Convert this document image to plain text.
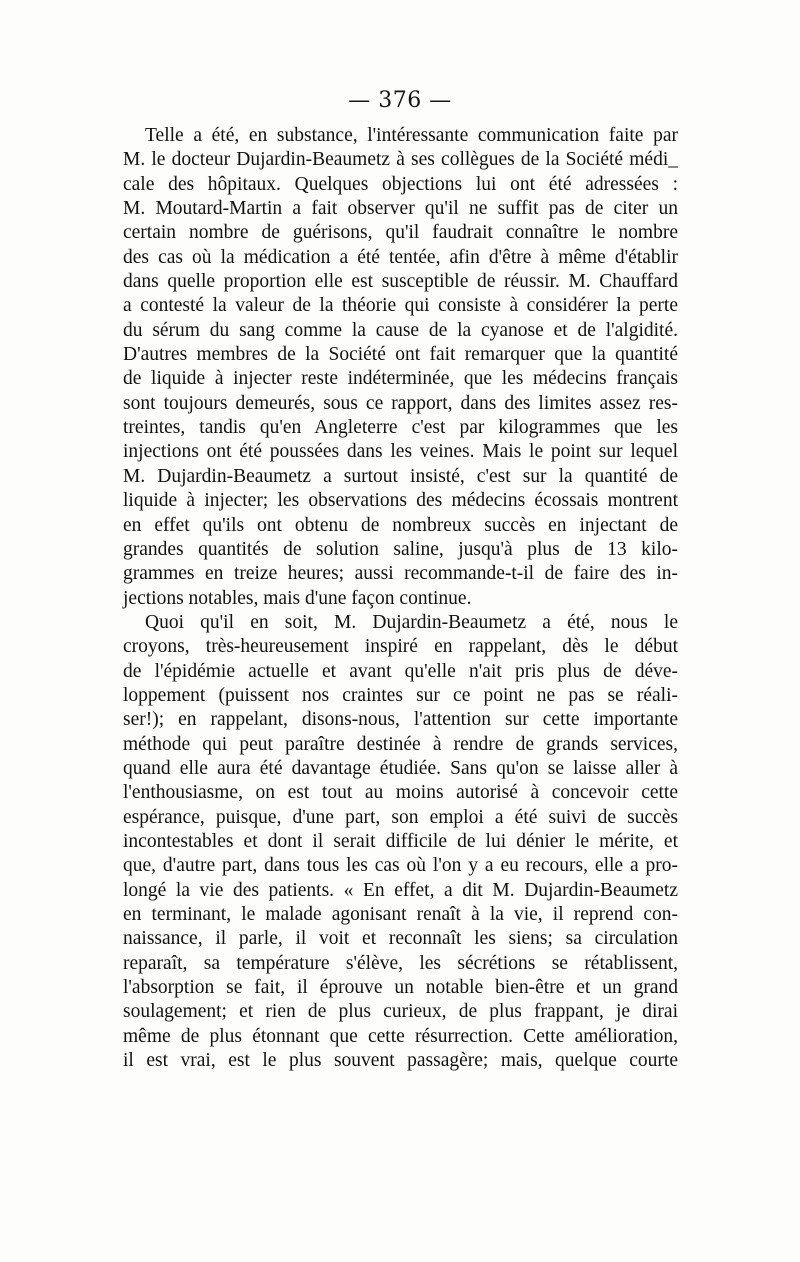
— 376 —
Telle a été, en substance, l'intéressante communication faite par
M. le docteur Dujardin-Beaumetz à ses collègues de la Société médi_
cale des hôpitaux. Quelques objections lui ont été adressées :
M. Moutard-Martin a fait observer qu'il ne suffit pas de citer un
certain nombre de guérisons, qu'il faudrait connaître le nombre
des cas où la médication a été tentée, afin d'être à même d'établir
dans quelle proportion elle est susceptible de réussir. M. Chauffard
a contesté la valeur de la théorie qui consiste à considérer la perte
du sérum du sang comme la cause de la cyanose et de l'algidité.
D'autres membres de la Société ont fait remarquer que la quantité
de liquide à injecter reste indéterminée, que les médecins français
sont toujours demeurés, sous ce rapport, dans des limites assez res-
treintes, tandis qu'en Angleterre c'est par kilogrammes que les
injections ont été poussées dans les veines. Mais le point sur lequel
M. Dujardin-Beaumetz a surtout insisté, c'est sur la quantité de
liquide à injecter; les observations des médecins écossais montrent
en effet qu'ils ont obtenu de nombreux succès en injectant de
grandes quantités de solution saline, jusqu'à plus de 13 kilo-
grammes en treize heures; aussi recommande-t-il de faire des in-
jections notables, mais d'une façon continue.
Quoi qu'il en soit, M. Dujardin-Beaumetz a été, nous le
croyons, très-heureusement inspiré en rappelant, dès le début
de l'épidémie actuelle et avant qu'elle n'ait pris plus de déve-
loppement (puissent nos craintes sur ce point ne pas se réali-
ser!); en rappelant, disons-nous, l'attention sur cette importante
méthode qui peut paraître destinée à rendre de grands services,
quand elle aura été davantage étudiée. Sans qu'on se laisse aller à
l'enthousiasme, on est tout au moins autorisé à concevoir cette
espérance, puisque, d'une part, son emploi a été suivi de succès
incontestables et dont il serait difficile de lui dénier le mérite, et
que, d'autre part, dans tous les cas où l'on y a eu recours, elle a pro-
longé la vie des patients. « En effet, a dit M. Dujardin-Beaumetz
en terminant, le malade agonisant renaît à la vie, il reprend con-
naissance, il parle, il voit et reconnaît les siens; sa circulation
reparaît, sa température s'élève, les sécrétions se rétablissent,
l'absorption se fait, il éprouve un notable bien-être et un grand
soulagement; et rien de plus curieux, de plus frappant, je dirai
même de plus étonnant que cette résurrection. Cette amélioration,
il est vrai, est le plus souvent passagère; mais, quelque courte
